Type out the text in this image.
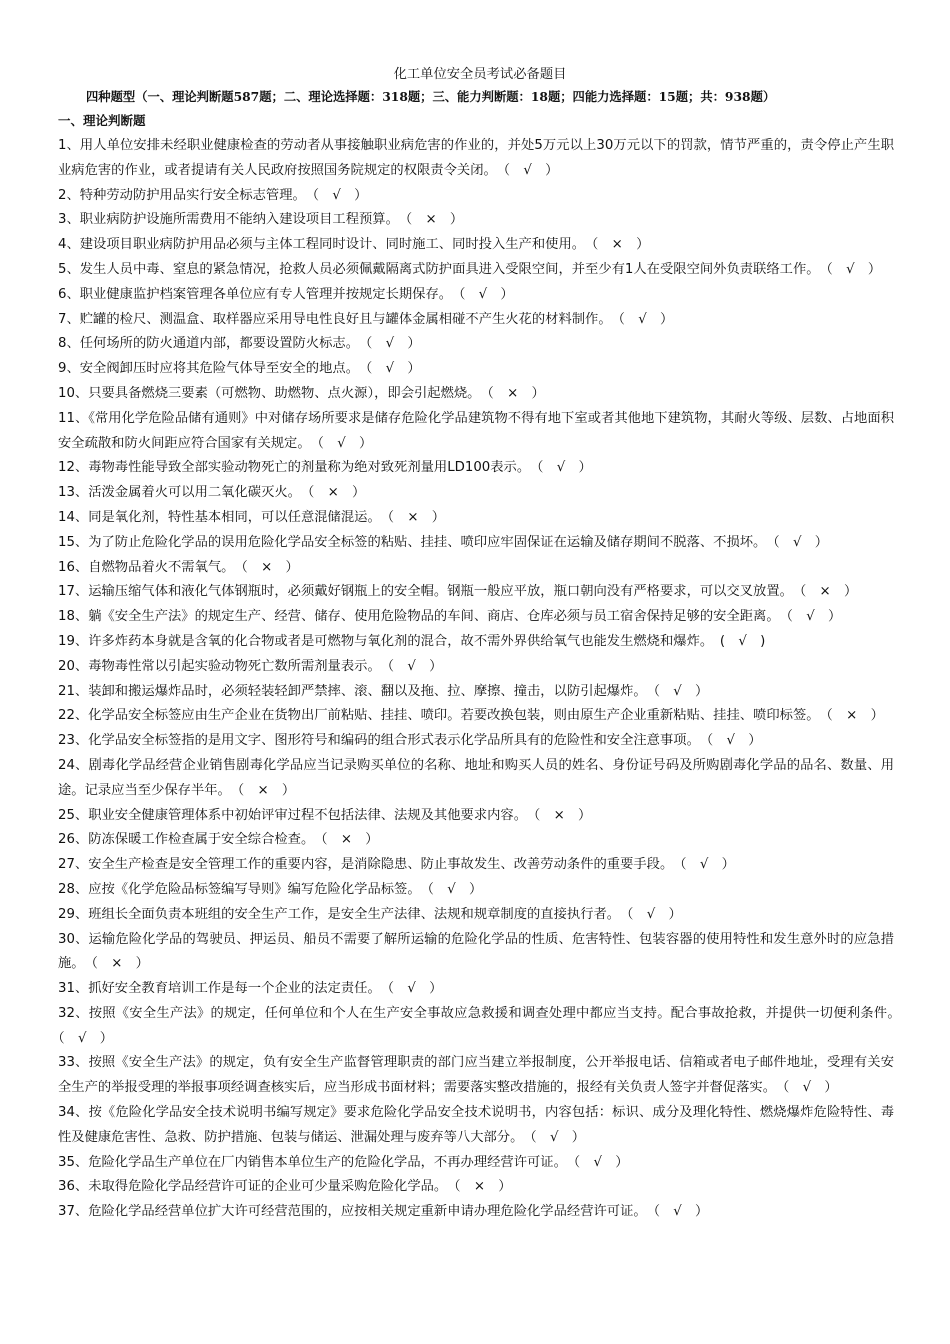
化工单位安全员考试必备题目
四种题型（一、理论判断题587题；二、理论选择题：318题；三、能力判断题：18题；四能力选择题：15题；共：938题）
一、理论判断题
1、用人单位安排未经职业健康检查的劳动者从事接触职业病危害的作业的，并处5万元以上30万元以下的罚款，情节严重的，责令停止产生职业病危害的作业，或者提请有关人民政府按照国务院规定的权限责令关闭。　 （　√　）
2、特种劳动防护用品实行安全标志管理。　 （　√　）
3、职业病防护设施所需费用不能纳入建设项目工程预算。　 （　×　）
4、建设项目职业病防护用品必须与主体工程同时设计、同时施工、同时投入生产和使用。　 （　×　）
5、发生人员中毒、窒息的紧急情况，抢救人员必须佩戴隔离式防护面具进入受限空间，并至少有1人在受限空间外负责联络工作。　 （　√　）
6、职业健康监护档案管理各单位应有专人管理并按规定长期保存。　 （　√　）
7、贮罐的检尺、测温盒、取样器应采用导电性良好且与罐体金属相碰不产生火花的材料制作。　 （　√　）
8、任何场所的防火通道内部，都要设置防火标志。　 （　√　）
9、安全阀卸压时应将其危险气体导至安全的地点。　 （　√　）
10、只要具备燃烧三要素（可燃物、助燃物、点火源），即会引起燃烧。　 （　×　）
11、《常用化学危险品储有通则》中对储存场所要求是储存危险化学品建筑物不得有地下室或者其他地下建筑物，其耐火等级、层数、占地面积安全疏散和防火间距应符合国家有关规定。　 （　√　）
12、毒物毒性能导致全部实验动物死亡的剂量称为绝对致死剂量用LD100表示。　 （　√　）
13、活泼金属着火可以用二氧化碳灭火。　 （　×　）
14、同是氧化剂，特性基本相同，可以任意混储混运。　 （　×　）
15、为了防止危险化学品的误用危险化学品安全标签的粘贴、挂挂、喷印应牢固保证在运输及储存期间不脱落、不损坏。　 （　√　）
16、自燃物品着火不需氧气。　 （　×　）
17、运输压缩气体和液化气体钢瓶时，必须戴好钢瓶上的安全帽。钢瓶一般应平放，瓶口朝向没有严格要求，可以交叉放置。　 （　×　）
18、躺《安全生产法》的规定生产、经营、储存、使用危险物品的车间、商店、仓库必须与员工宿舍保持足够的安全距离。　 （　√　）
19、许多炸药本身就是含氧的化合物或者是可燃物与氧化剂的混合，故不需外界供给氧气也能发生燃烧和爆炸。　 (　√　)
20、毒物毒性常以引起实验动物死亡数所需剂量表示。　 （　√　）
21、装卸和搬运爆炸品时，必须轻装轻卸严禁摔、滚、翻以及拖、拉、摩擦、撞击，以防引起爆炸。　 （　√　）
22、化学品安全标签应由生产企业在货物出厂前粘贴、挂挂、喷印。若要改换包装，则由原生产企业重新粘贴、挂挂、喷印标签。　 （　×　）
23、化学品安全标签指的是用文字、图形符号和编码的组合形式表示化学品所具有的危险性和安全注意事项。　 （　√　）
24、剧毒化学品经营企业销售剧毒化学品应当记录购买单位的名称、地址和购买人员的姓名、身份证号码及所购剧毒化学品的品名、数量、用途。记录应当至少保存半年。　 （　×　）
25、职业安全健康管理体系中初始评审过程不包括法律、法规及其他要求内容。　 （　×　）
26、防冻保暖工作检查属于安全综合检查。　 （　×　）
27、安全生产检查是安全管理工作的重要内容，是消除隐患、防止事故发生、改善劳动条件的重要手段。　 （　√　）
28、应按《化学危险品标签编写导则》编写危险化学品标签。　 （　√　）
29、班组长全面负责本班组的安全生产工作，是安全生产法律、法规和规章制度的直接执行者。　 （　√　）
30、运输危险化学品的驾驶员、押运员、船员不需要了解所运输的危险化学品的性质、危害特性、包装容器的使用特性和发生意外时的应急措施。　 （　×　）
31、抓好安全教育培训工作是每一个企业的法定责任。　 （　√　）
32、按照《安全生产法》的规定，任何单位和个人在生产安全事故应急救援和调查处理中都应当支持。配合事故抢救，并提供一切便利条件。　（　√　）
33、按照《安全生产法》的规定，负有安全生产监督管理职责的部门应当建立举报制度，公开举报电话、信箱或者电子邮件地址，受理有关安全生产的举报受理的举报事项经调查核实后，应当形成书面材料；需要落实整改措施的，报经有关负责人签字并督促落实。　 （　√　）
34、按《危险化学品安全技术说明书编写规定》要求危险化学品安全技术说明书，内容包括：标识、成分及理化特性、燃烧爆炸危险特性、毒性及健康危害性、急救、防护措施、包装与储运、泄漏处理与废弃等八大部分。　 （　√　）
35、危险化学品生产单位在厂内销售本单位生产的危险化学品，不再办理经营许可证。　 （　√　）
36、未取得危险化学品经营许可证的企业可少量采购危险化学品。　 （　×　）
37、危险化学品经营单位扩大许可经营范围的，应按相关规定重新申请办理危险化学品经营许可证。　 （　√　）
